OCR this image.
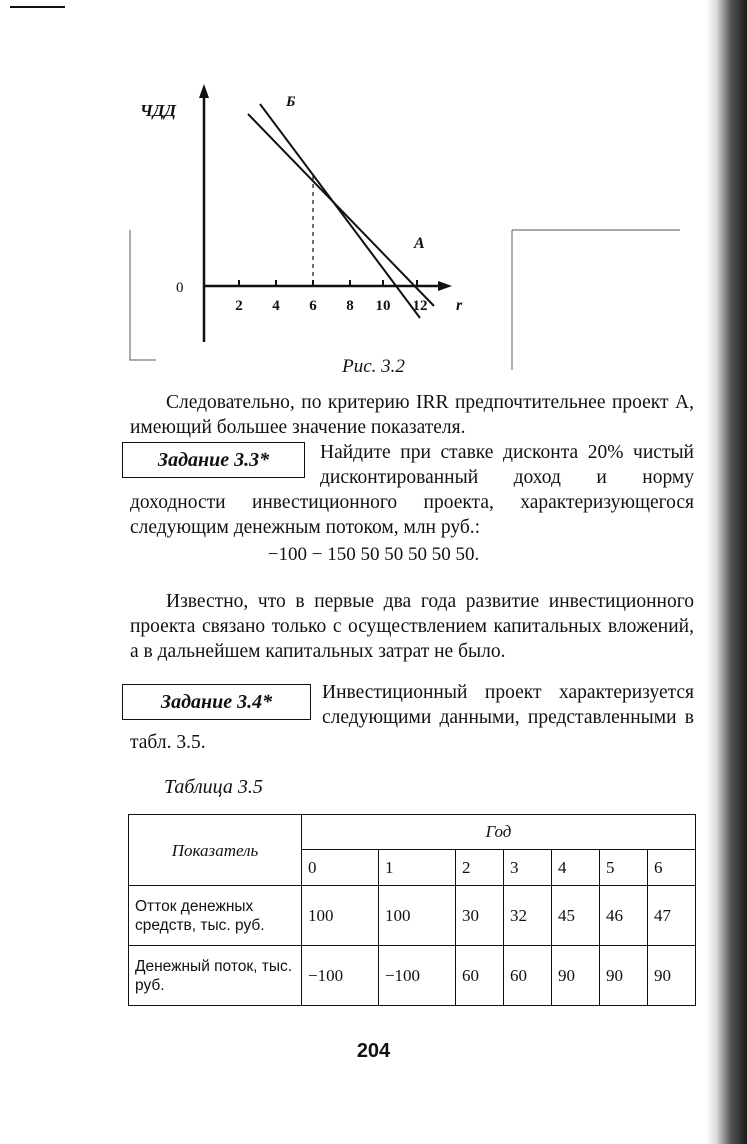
ЧДД	Б
А
0
2 4 6 8 10 12 r
Рис. 3.2
Следовательно, по критерию IRR предпочтительнее проект А, имеющий большее значение показателя.
Задание 3.3*	Найдите при ставке дисконта 20% чистый дисконтированный доход и норму доходности инвестиционного проекта, характеризующегося следующим денежным потоком, млн руб.:
−100 − 150 50 50 50 50 50.
Известно, что в первые два года развитие инвестиционного проекта связано только с осуществлением капитальных вложений, а в дальнейшем капитальных затрат не было.
Задание 3.4*	Инвестиционный проект характеризуется следующими данными, представленными в табл. 3.5.
Таблица 3.5
Показатель	Год						
	0	1	2	3	4	5	6
Отток денежных средств, тыс. руб.	100	100	30	32	45	46	47
Денежный поток, тыс. руб.	−100	−100	60	60	90	90	90
204
